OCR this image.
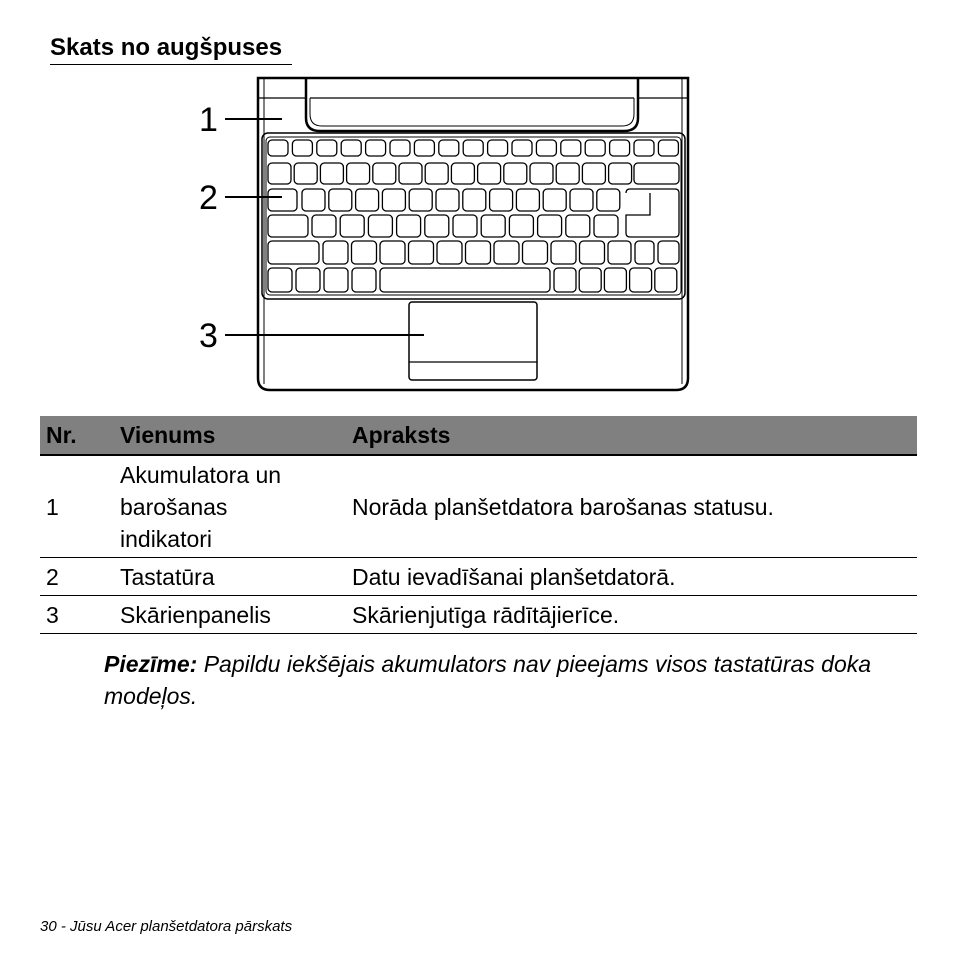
Skats no augšpuses
1
2
3
Nr.	Vienums	Apraksts
1	Akumulatora un barošanas indikatori	Norāda planšetdatora barošanas statusu.
2	Tastatūra	Datu ievadīšanai planšetdatorā.
3	Skārienpanelis	Skārienjutīga rādītājierīce.
Piezīme: Papildu iekšējais akumulators nav pieejams visos tastatūras doka modeļos.
30 - Jūsu Acer planšetdatora pārskats
